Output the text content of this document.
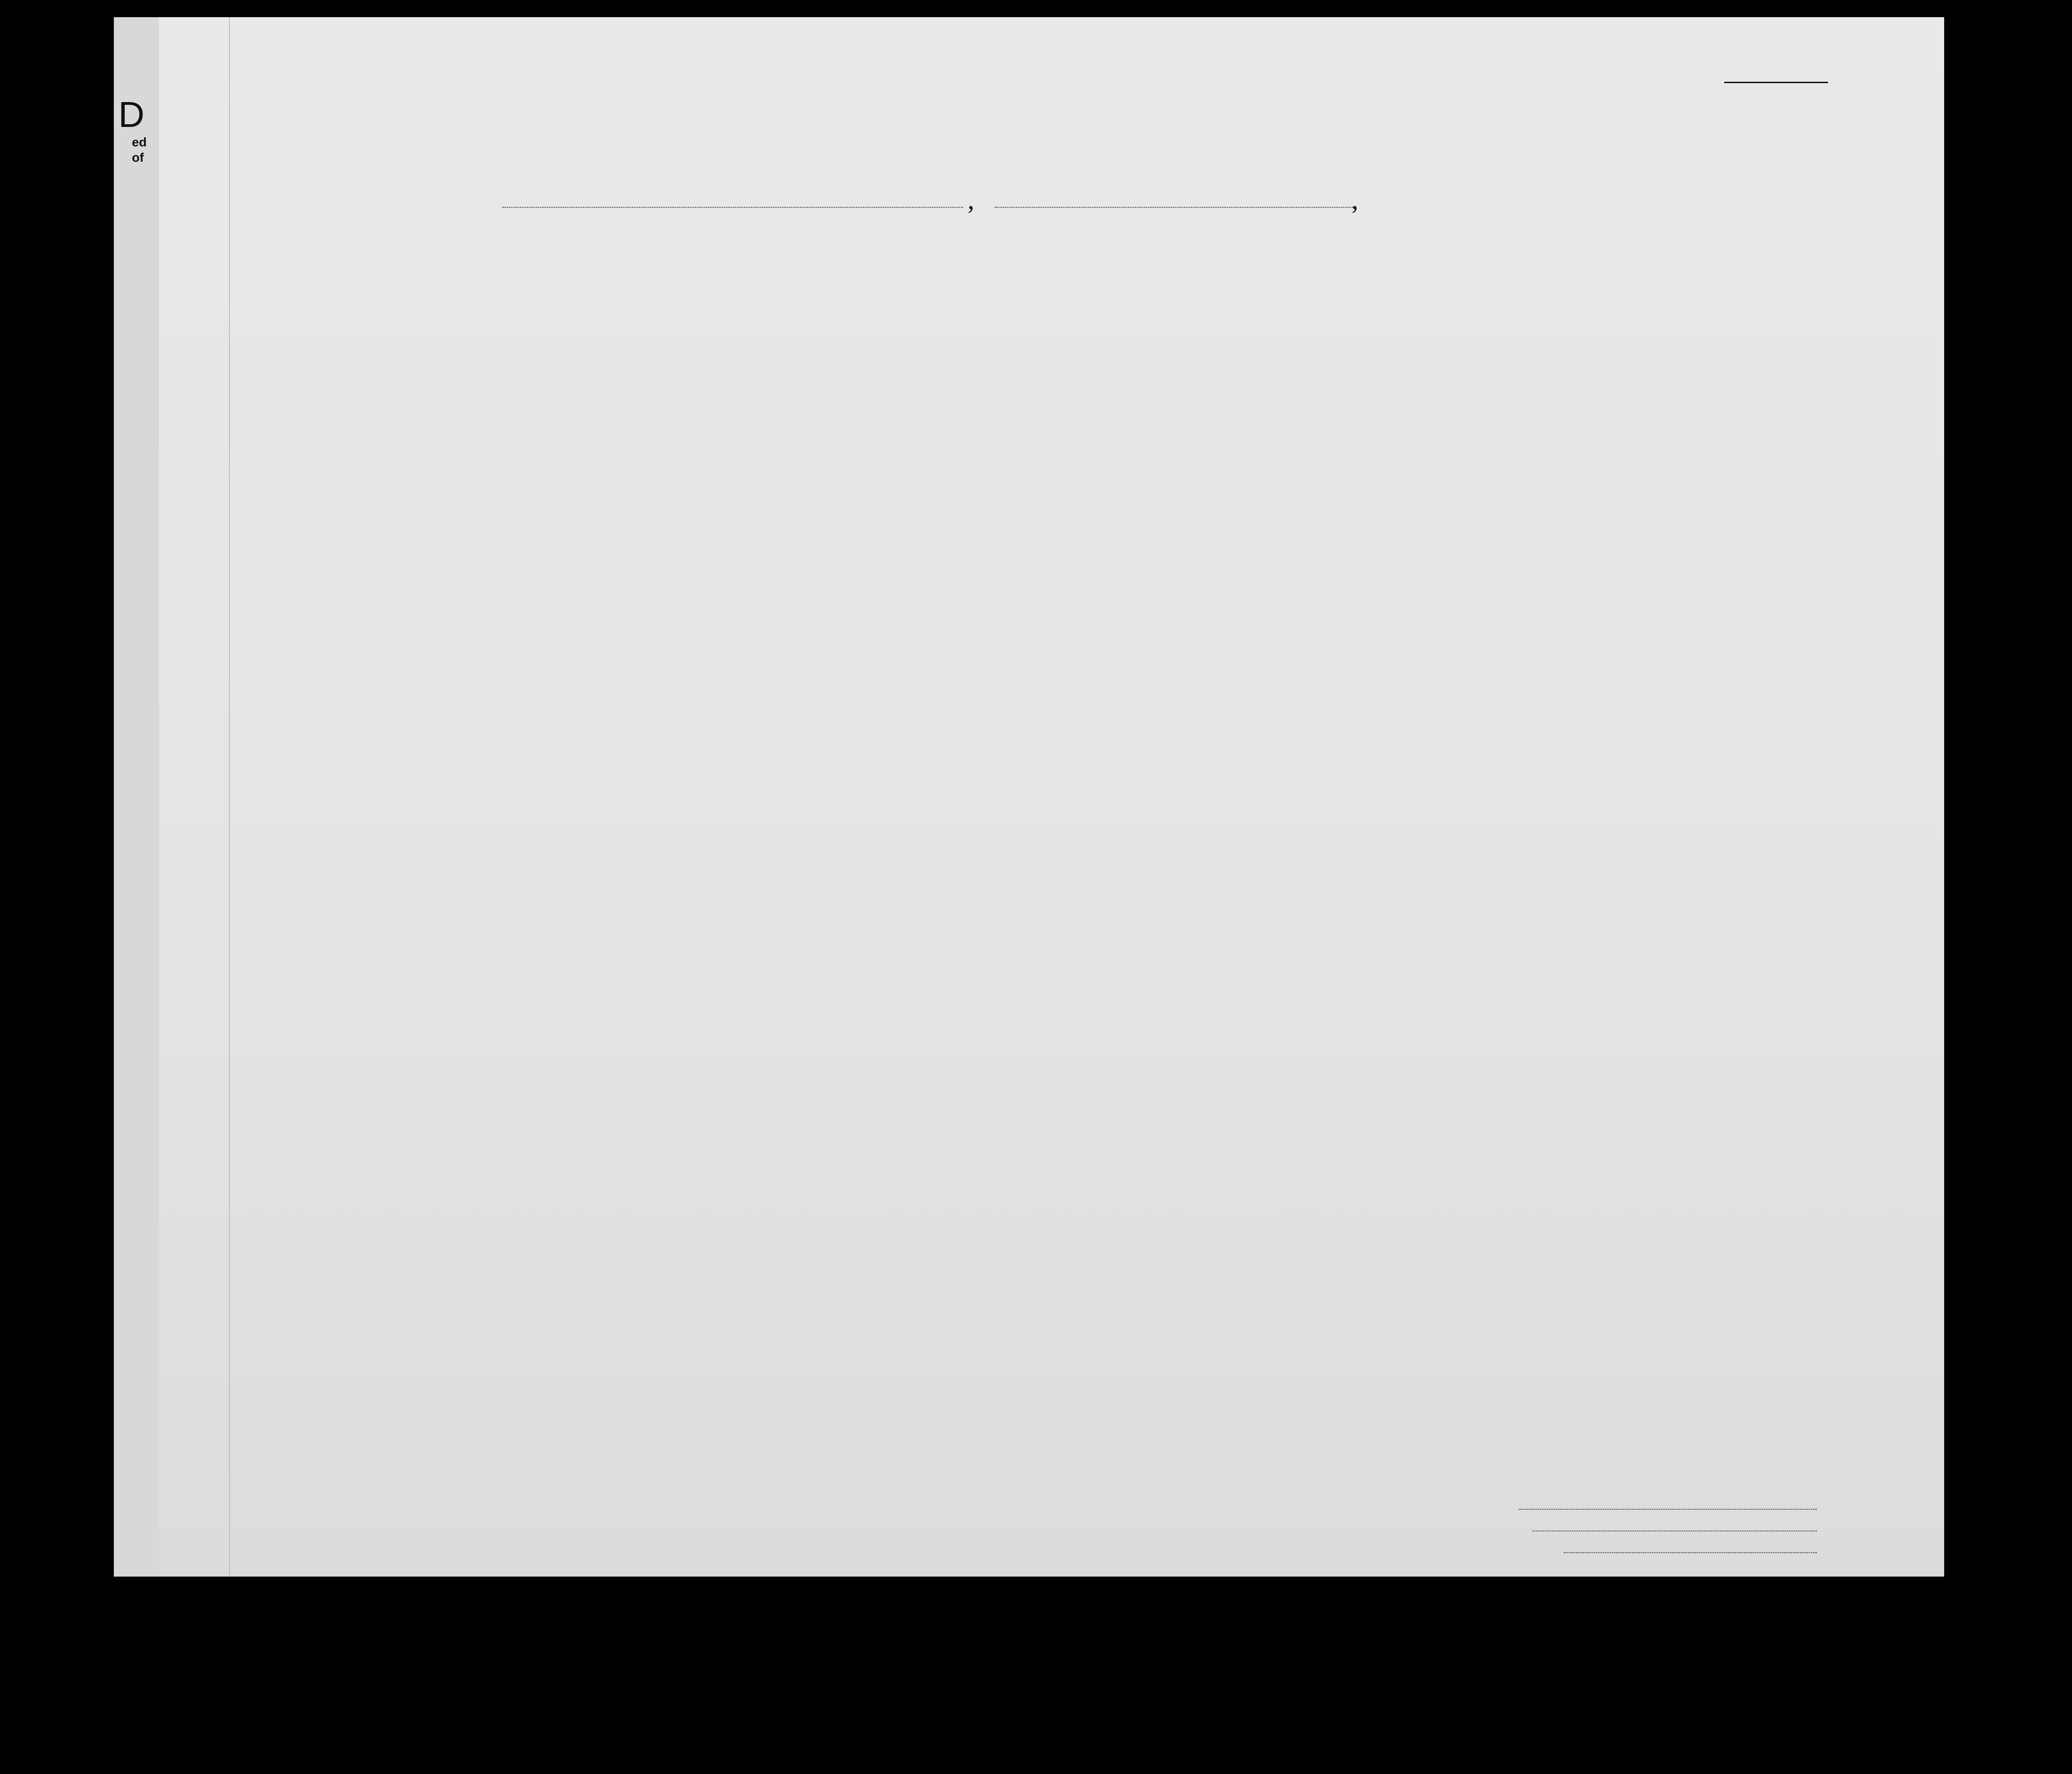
D
ed
of
,	,
